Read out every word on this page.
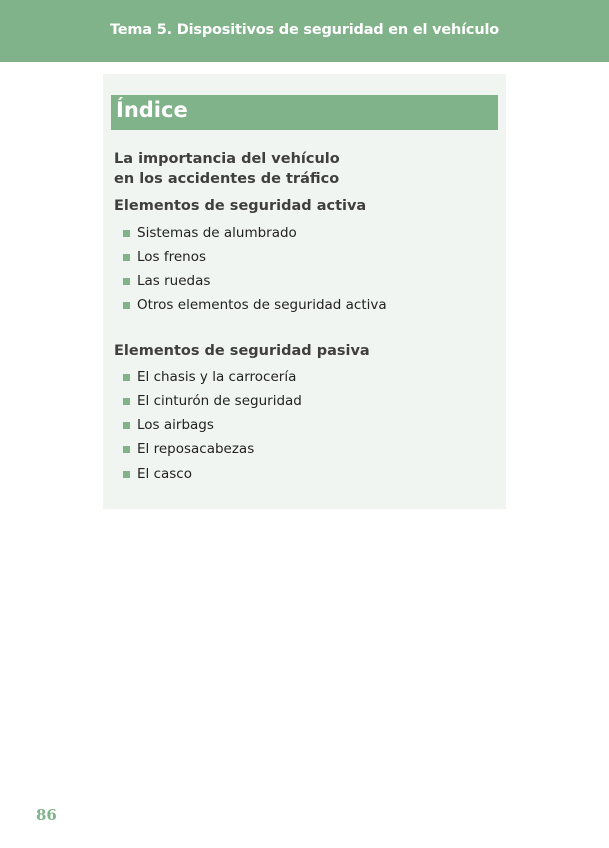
Tema 5. Dispositivos de seguridad en el vehículo
Índice
La importancia del vehículo
en los accidentes de tráfico
Elementos de seguridad activa
Sistemas de alumbrado
Los frenos
Las ruedas
Otros elementos de seguridad activa
Elementos de seguridad pasiva
El chasis y la carrocería
El cinturón de seguridad
Los airbags
El reposacabezas
El casco
86
